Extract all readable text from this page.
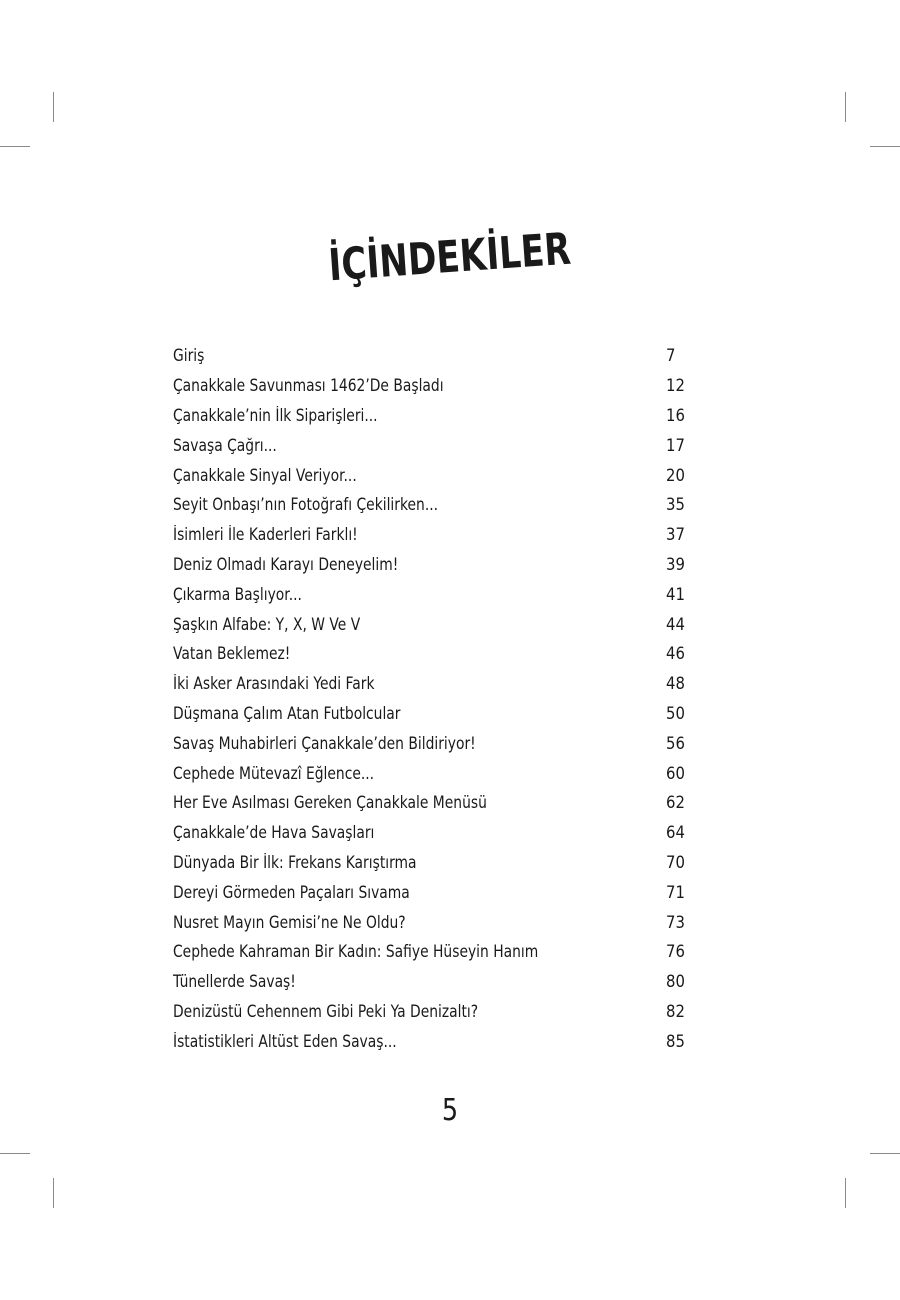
İÇİNDEKİLER
Giriş	7
Çanakkale Savunması 1462’De Başladı	12
Çanakkale’nin İlk Siparişleri...	16
Savaşa Çağrı...	17
Çanakkale Sinyal Veriyor...	20
Seyit Onbaşı’nın Fotoğrafı Çekilirken...	35
İsimleri İle Kaderleri Farklı!	37
Deniz Olmadı Karayı Deneyelim!	39
Çıkarma Başlıyor...	41
Şaşkın Alfabe: Y, X, W Ve V	44
Vatan Beklemez!	46
İki Asker Arasındaki Yedi Fark	48
Düşmana Çalım Atan Futbolcular	50
Savaş Muhabirleri Çanakkale’den Bildiriyor!	56
Cephede Mütevazî Eğlence...	60
Her Eve Asılması Gereken Çanakkale Menüsü	62
Çanakkale’de Hava Savaşları	64
Dünyada Bir İlk: Frekans Karıştırma	70
Dereyi Görmeden Paçaları Sıvama	71
Nusret Mayın Gemisi’ne Ne Oldu?	73
Cephede Kahraman Bir Kadın: Safiye Hüseyin Hanım	76
Tünellerde Savaş!	80
Denizüstü Cehennem Gibi Peki Ya Denizaltı?	82
İstatistikleri Altüst Eden Savaş...	85
5
